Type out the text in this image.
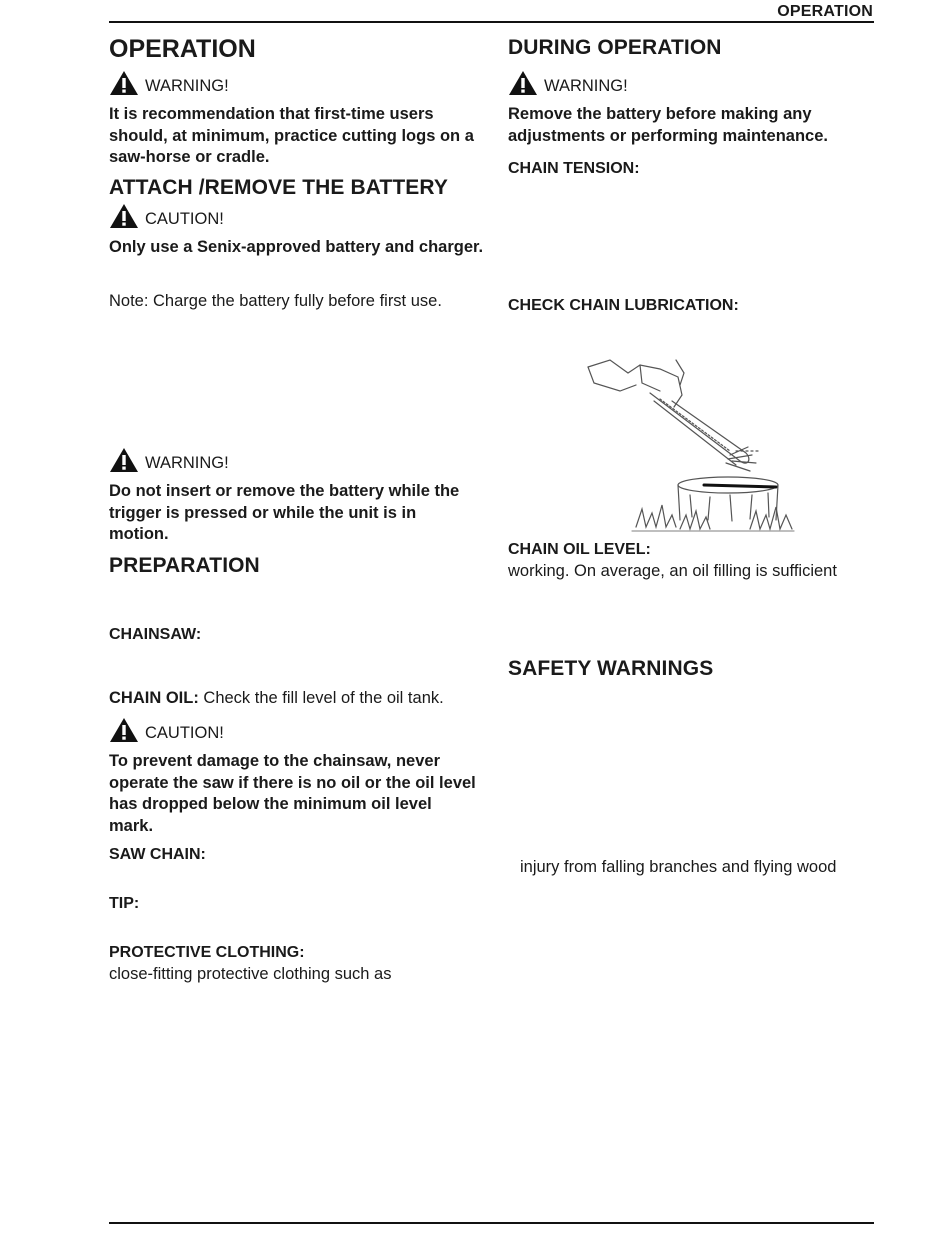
OPERATION
OPERATION
WARNING!
It is recommendation that first-time users should, at minimum, practice cutting logs on a saw-horse or cradle.
ATTACH /REMOVE THE BATTERY
CAUTION!
Only use a Senix-approved battery and charger.
Note: Charge the battery fully before first use.
WARNING!
Do not insert or remove the battery while the trigger is pressed or while the unit is in motion.
PREPARATION
CHAINSAW:
CHAIN OIL: Check the fill level of the oil tank.
CAUTION!
To prevent damage to the chainsaw, never operate the saw if there is no oil or the oil level has dropped below the minimum oil level mark.
SAW CHAIN:
TIP:
PROTECTIVE CLOTHING:
close-fitting protective clothing such as
DURING OPERATION
WARNING!
Remove the battery before making any adjustments or performing maintenance.
CHAIN TENSION:
CHECK CHAIN LUBRICATION:
CHAIN OIL LEVEL:
working. On average, an oil filling is sufficient
SAFETY WARNINGS
injury from falling branches and flying wood
